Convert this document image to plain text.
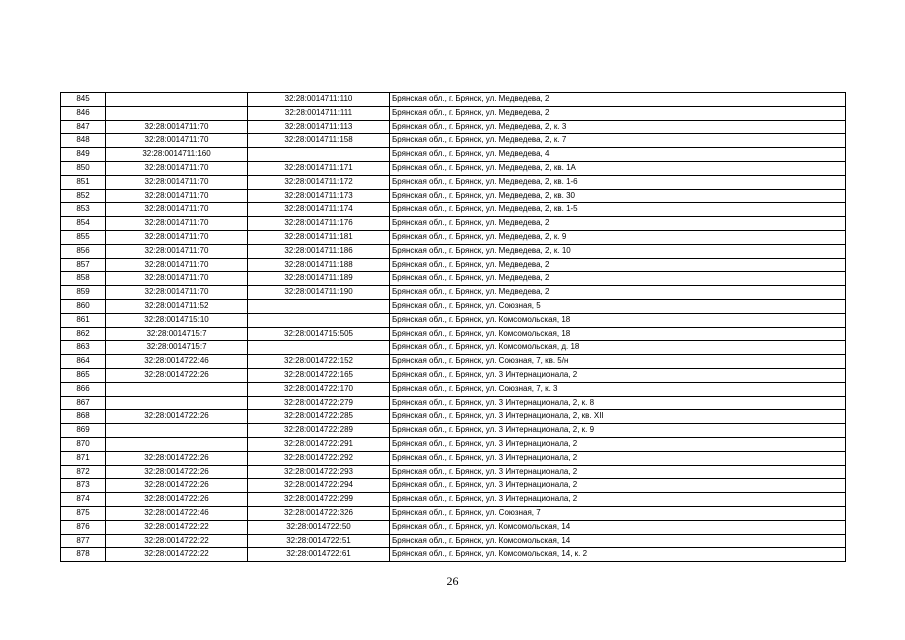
845		32:28:0014711:110	Брянская обл., г. Брянск, ул. Медведева, 2
846		32:28:0014711:111	Брянская обл., г. Брянск, ул. Медведева, 2
847	32:28:0014711:70	32:28:0014711:113	Брянская обл., г. Брянск, ул. Медведева, 2, к. 3
848	32:28:0014711:70	32:28:0014711:158	Брянская обл., г. Брянск, ул. Медведева, 2, к. 7
849	32:28:0014711:160		Брянская обл., г. Брянск, ул. Медведева, 4
850	32:28:0014711:70	32:28:0014711:171	Брянская обл., г. Брянск, ул. Медведева, 2, кв. 1А
851	32:28:0014711:70	32:28:0014711:172	Брянская обл., г. Брянск, ул. Медведева, 2, кв. 1-6
852	32:28:0014711:70	32:28:0014711:173	Брянская обл., г. Брянск, ул. Медведева, 2, кв. 30
853	32:28:0014711:70	32:28:0014711:174	Брянская обл., г. Брянск, ул. Медведева, 2, кв. 1-5
854	32:28:0014711:70	32:28:0014711:176	Брянская обл., г. Брянск, ул. Медведева, 2
855	32:28:0014711:70	32:28:0014711:181	Брянская обл., г. Брянск, ул. Медведева, 2, к. 9
856	32:28:0014711:70	32:28:0014711:186	Брянская обл., г. Брянск, ул. Медведева, 2, к. 10
857	32:28:0014711:70	32:28:0014711:188	Брянская обл., г. Брянск, ул. Медведева, 2
858	32:28:0014711:70	32:28:0014711:189	Брянская обл., г. Брянск, ул. Медведева, 2
859	32:28:0014711:70	32:28:0014711:190	Брянская обл., г. Брянск, ул. Медведева, 2
860	32:28:0014711:52		Брянская обл., г. Брянск, ул. Союзная, 5
861	32:28:0014715:10		Брянская обл., г. Брянск, ул. Комсомольская, 18
862	32:28:0014715:7	32:28:0014715:505	Брянская обл., г. Брянск, ул. Комсомольская, 18
863	32:28:0014715:7		Брянская обл., г. Брянск, ул. Комсомольская, д. 18
864	32:28:0014722:46	32:28:0014722:152	Брянская обл., г. Брянск, ул. Союзная, 7, кв. 5/н
865	32:28:0014722:26	32:28:0014722:165	Брянская обл., г. Брянск, ул. 3 Интернационала, 2
866		32:28:0014722:170	Брянская обл., г. Брянск, ул. Союзная, 7, к. 3
867		32:28:0014722:279	Брянская обл., г. Брянск, ул. 3 Интернационала, 2, к. 8
868	32:28:0014722:26	32:28:0014722:285	Брянская обл., г. Брянск, ул. 3 Интернационала, 2, кв. XII
869		32:28:0014722:289	Брянская обл., г. Брянск, ул. 3 Интернационала, 2, к. 9
870		32:28:0014722:291	Брянская обл., г. Брянск, ул. 3 Интернационала, 2
871	32:28:0014722:26	32:28:0014722:292	Брянская обл., г. Брянск, ул. 3 Интернационала, 2
872	32:28:0014722:26	32:28:0014722:293	Брянская обл., г. Брянск, ул. 3 Интернационала, 2
873	32:28:0014722:26	32:28:0014722:294	Брянская обл., г. Брянск, ул. 3 Интернационала, 2
874	32:28:0014722:26	32:28:0014722:299	Брянская обл., г. Брянск, ул. 3 Интернационала, 2
875	32:28:0014722:46	32:28:0014722:326	Брянская обл., г. Брянск, ул. Союзная, 7
876	32:28:0014722:22	32:28:0014722:50	Брянская обл., г. Брянск, ул. Комсомольская, 14
877	32:28:0014722:22	32:28:0014722:51	Брянская обл., г. Брянск, ул. Комсомольская, 14
878	32:28:0014722:22	32:28:0014722:61	Брянская обл., г. Брянск, ул. Комсомольская, 14, к. 2
26
